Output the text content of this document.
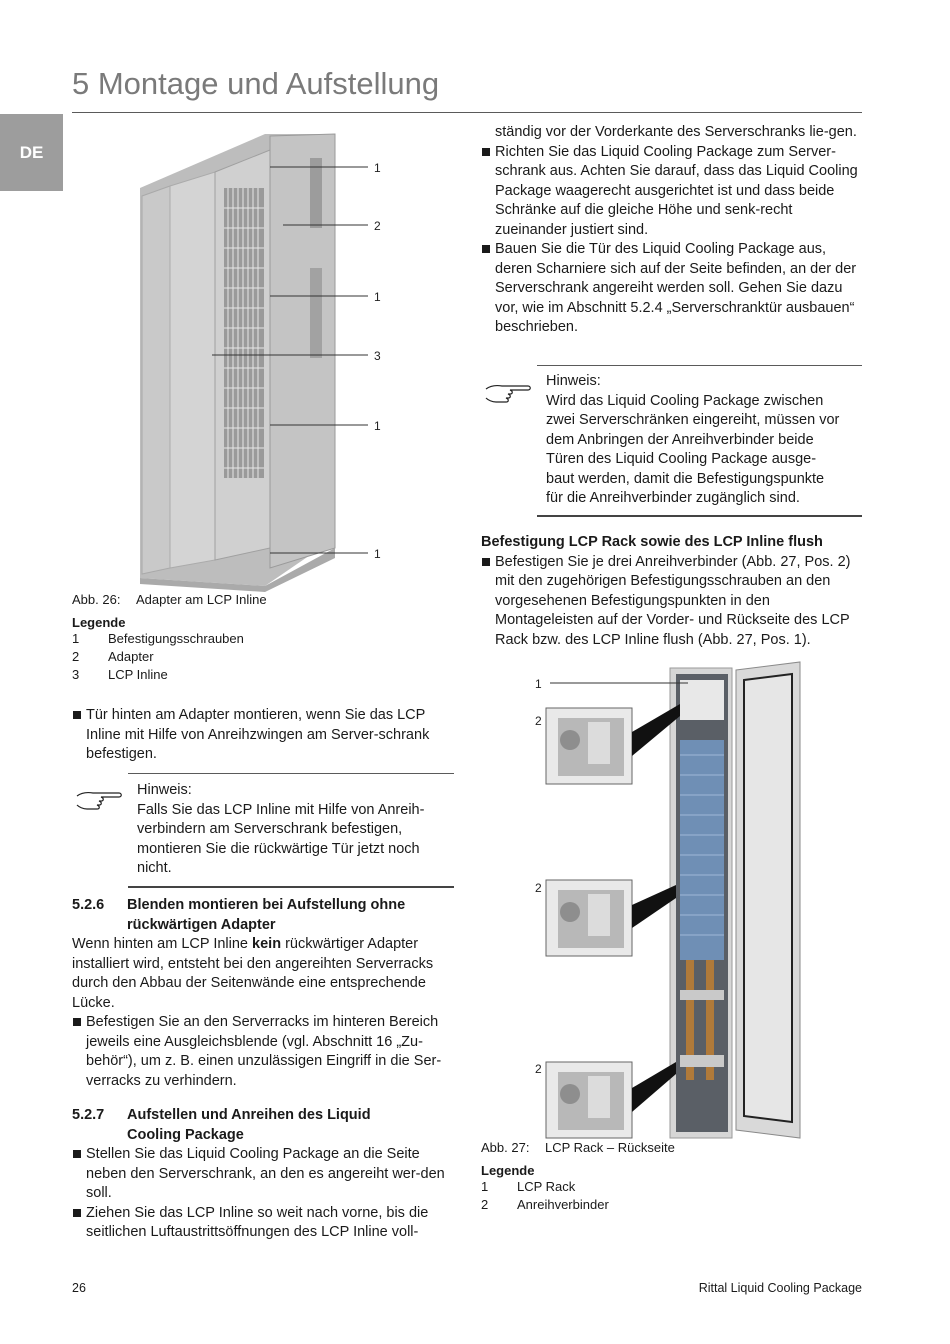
5 Montage und Aufstellung
DE
1
2
1
3
1
1
Abb. 26: Adapter am LCP Inline
Legende
1 Befestigungsschrauben
2 Adapter
3 LCP Inline

Tür hinten am Adapter montieren, wenn Sie das LCP Inline mit Hilfe von Anreihzwingen am Server-schrank befestigen.

Hinweis:

Falls Sie das LCP Inline mit Hilfe von Anreih-

verbindern am Serverschrank befestigen,

montieren Sie die rückwärtige Tür jetzt noch

nicht.

5.2.6 Blenden montieren bei Aufstellung ohne
rückwärtigen Adapter

Wenn hinten am LCP Inline kein rückwärtiger Adapter installiert wird, entsteht bei den angereihten Serverracks durch den Abbau der Seitenwände eine entsprechende Lücke.

Befestigen Sie an den Serverracks im hinteren Bereich jeweils eine Ausgleichsblende (vgl. Abschnitt 16 „Zu-behör“), um z. B. einen unzulässigen Eingriff in die Ser-verracks zu verhindern.

5.2.7 Aufstellen und Anreihen des Liquid
Cooling Package

Stellen Sie das Liquid Cooling Package an die Seite neben den Serverschrank, an den es angereiht wer-den soll.

Ziehen Sie das LCP Inline so weit nach vorne, bis die seitlichen Luftaustrittsöffnungen des LCP Inline voll-

ständig vor der Vorderkante des Serverschranks lie-gen.

Richten Sie das Liquid Cooling Package zum Server-schrank aus. Achten Sie darauf, dass das Liquid Cooling Package waagerecht ausgerichtet ist und dass beide Schränke auf die gleiche Höhe und senk-recht zueinander justiert sind.

Bauen Sie die Tür des Liquid Cooling Package aus, deren Scharniere sich auf der Seite befinden, an der der Serverschrank angereiht werden soll. Gehen Sie dazu vor, wie im Abschnitt 5.2.4 „Serverschranktür ausbauen“ beschrieben.

Hinweis:

Wird das Liquid Cooling Package zwischen

zwei Serverschränken eingereiht, müssen vor

dem Anbringen der Anreihverbinder beide

Türen des Liquid Cooling Package ausge-

baut werden, damit die Befestigungspunkte

für die Anreihverbinder zugänglich sind.

Befestigung LCP Rack sowie des LCP Inline flush

Befestigen Sie je drei Anreihverbinder (Abb. 27, Pos. 2) mit den zugehörigen Befestigungsschrauben an den vorgesehenen Befestigungspunkten in den Montageleisten auf der Vorder- und Rückseite des LCP Rack bzw. des LCP Inline flush (Abb. 27, Pos. 1).

1
2
2
2
Abb. 27: LCP Rack – Rückseite
Legende
1 LCP Rack
2 Anreihverbinder
26	Rittal Liquid Cooling Package
